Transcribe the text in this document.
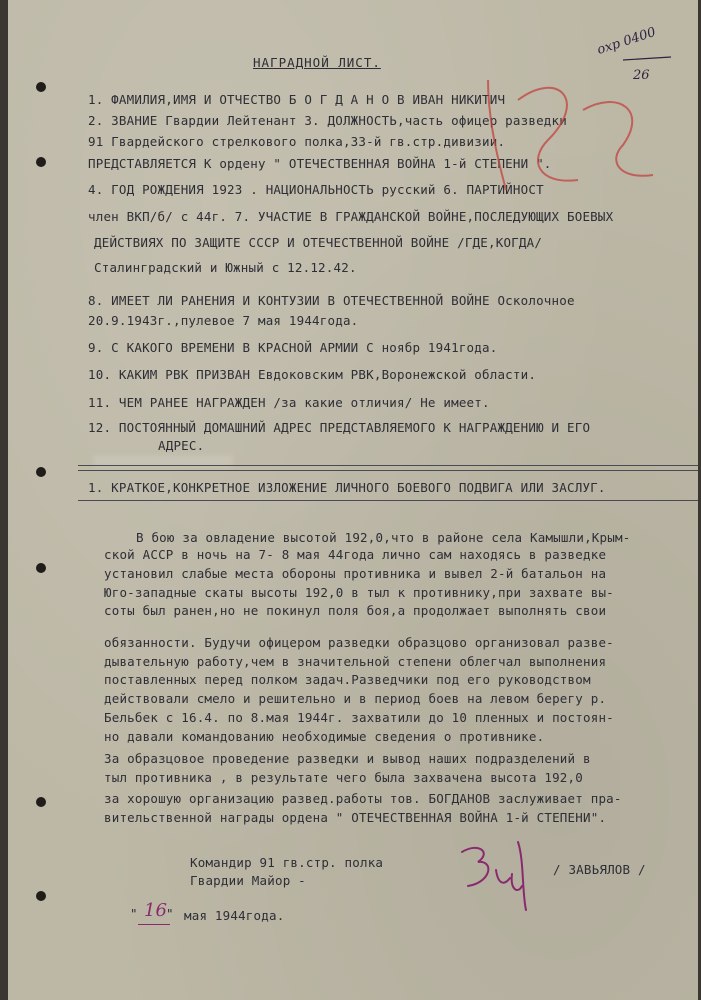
охр 0400
26
НАГРАДНОЙ ЛИСТ.
1. ФАМИЛИЯ,ИМЯ И ОТЧЕСТВО Б О Г Д А Н О В ИВАН НИКИТИЧ
2. ЗВАНИЕ Гвардии Лейтенант 3. ДОЛЖНОСТЬ,часть офицер разведки
91 Гвардейского стрелкового полка,33-й гв.стр.дивизии.
ПРЕДСТАВЛЯЕТСЯ К ордену " ОТЕЧЕСТВЕННАЯ ВОЙНА 1-й СТЕПЕНИ ".
4. ГОД РОЖДЕНИЯ 1923 . НАЦИОНАЛЬНОСТЬ русский 6. ПАРТИЙНОСТ
член ВКП/б/ с 44г. 7. УЧАСТИЕ В ГРАЖДАНСКОЙ ВОЙНЕ,ПОСЛЕДУЮЩИХ БОЕВЫХ
ДЕЙСТВИЯХ ПО ЗАЩИТЕ СССР И ОТЕЧЕСТВЕННОЙ ВОЙНЕ /ГДЕ,КОГДА/
Сталинградский и Южный с 12.12.42.
8. ИМЕЕТ ЛИ РАНЕНИЯ И КОНТУЗИИ В ОТЕЧЕСТВЕННОЙ ВОЙНЕ Осколочное
20.9.1943г.,пулевое 7 мая 1944года.
9. С КАКОГО ВРЕМЕНИ В КРАСНОЙ АРМИИ С ноябр 1941года.
10. КАКИМ РВК ПРИЗВАН Евдоковским РВК,Воронежской области.
11. ЧЕМ РАНЕЕ НАГРАЖДЕН /за какие отличия/ Не имеет.
12. ПОСТОЯННЫЙ ДОМАШНИЙ АДРЕС ПРЕДСТАВЛЯЕМОГО К НАГРАЖДЕНИЮ И ЕГО
АДРЕС.
1. КРАТКОЕ,КОНКРЕТНОЕ ИЗЛОЖЕНИЕ ЛИЧНОГО БОЕВОГО ПОДВИГА ИЛИ ЗАСЛУГ.
В бою за овладение высотой 192,0,что в районе села Камышли,Крым-
ской АССР в ночь на 7- 8 мая 44года лично сам находясь в разведке
установил слабые места обороны противника и вывел 2-й батальон на
Юго-западные скаты высоты 192,0 в тыл к противнику,при захвате вы-
соты был ранен,но не покинул поля боя,а продолжает выполнять свои
обязанности. Будучи офицером разведки образцово организовал разве-
дывательную работу,чем в значительной степени облегчал выполнения
поставленных перед полком задач.Разведчики под его руководством
действовали смело и решительно и в период боев на левом берегу р.
Бельбек с 16.4. по 8.мая 1944г. захватили до 10 пленных и постоян-
но давали командованию необходимые сведения о противнике.
За образцовое проведение разведки и вывод наших подразделений в
тыл противника , в результате чего была захвачена высота 192,0
за хорошую организацию развед.работы тов. БОГДАНОВ заслуживает пра-
вительственной награды ордена " ОТЕЧЕСТВЕННАЯ ВОЙНА 1-й СТЕПЕНИ".
Командир 91 гв.стр. полка
Гвардии Майор -
/ ЗАВЬЯЛОВ /
16
" " мая 1944года.
